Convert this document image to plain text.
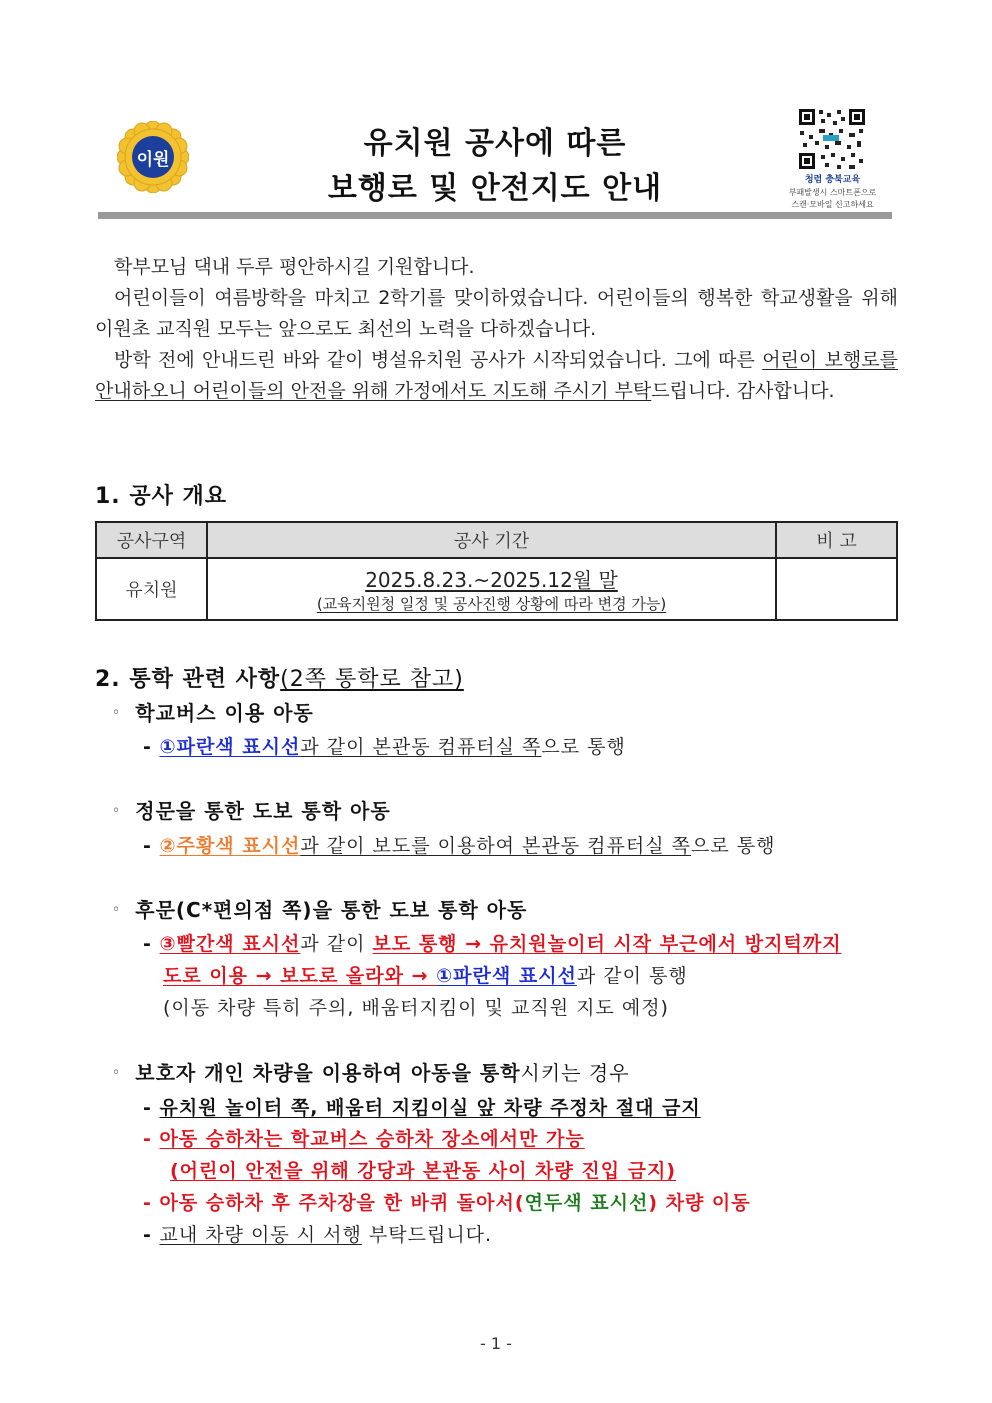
이원	유치원 공사에 따른
보행로 및 안전지도 안내	청렴 충북교육
부패발생시 스마트폰으로
스캔·모바일 신고하세요

학부모님 댁내 두루 평안하시길 기원합니다.

어린이들이 여름방학을 마치고 2학기를 맞이하였습니다. 어린이들의 행복한 학교생활을 위해 이원초 교직원 모두는 앞으로도 최선의 노력을 다하겠습니다.

방학 전에 안내드린 바와 같이 병설유치원 공사가 시작되었습니다. 그에 따른 어린이 보행로를 안내하오니 어린이들의 안전을 위해 가정에서도 지도해 주시기 부탁드립니다. 감사합니다.

1. 공사 개요
공사구역	공사 기간	비 고
유치원	2025.8.23.~2025.12월 말
(교육지원청 일정 및 공사진행 상황에 따라 변경 가능)	

2. 통학 관련 사항(2쪽 통학로 참고)
◦ 학교버스 이용 아동
- ①파란색 표시선과 같이 본관동 컴퓨터실 쪽으로 통행
◦ 정문을 통한 도보 통학 아동
- ②주황색 표시선과 같이 보도를 이용하여 본관동 컴퓨터실 쪽으로 통행
◦ 후문(C*편의점 쪽)을 통한 도보 통학 아동
- ③빨간색 표시선과 같이 보도 통행 → 유치원놀이터 시작 부근에서 방지턱까지
도로 이용 → 보도로 올라와 → ①파란색 표시선과 같이 통행
(이동 차량 특히 주의, 배움터지킴이 및 교직원 지도 예정)
◦ 보호자 개인 차량을 이용하여 아동을 통학시키는 경우
- 유치원 놀이터 쪽, 배움터 지킴이실 앞 차량 주정차 절대 금지
- 아동 승하차는 학교버스 승하차 장소에서만 가능
(어린이 안전을 위해 강당과 본관동 사이 차량 진입 금지)
- 아동 승하차 후 주차장을 한 바퀴 돌아서(연두색 표시선) 차량 이동
- 교내 차량 이동 시 서행 부탁드립니다.
- 1 -
